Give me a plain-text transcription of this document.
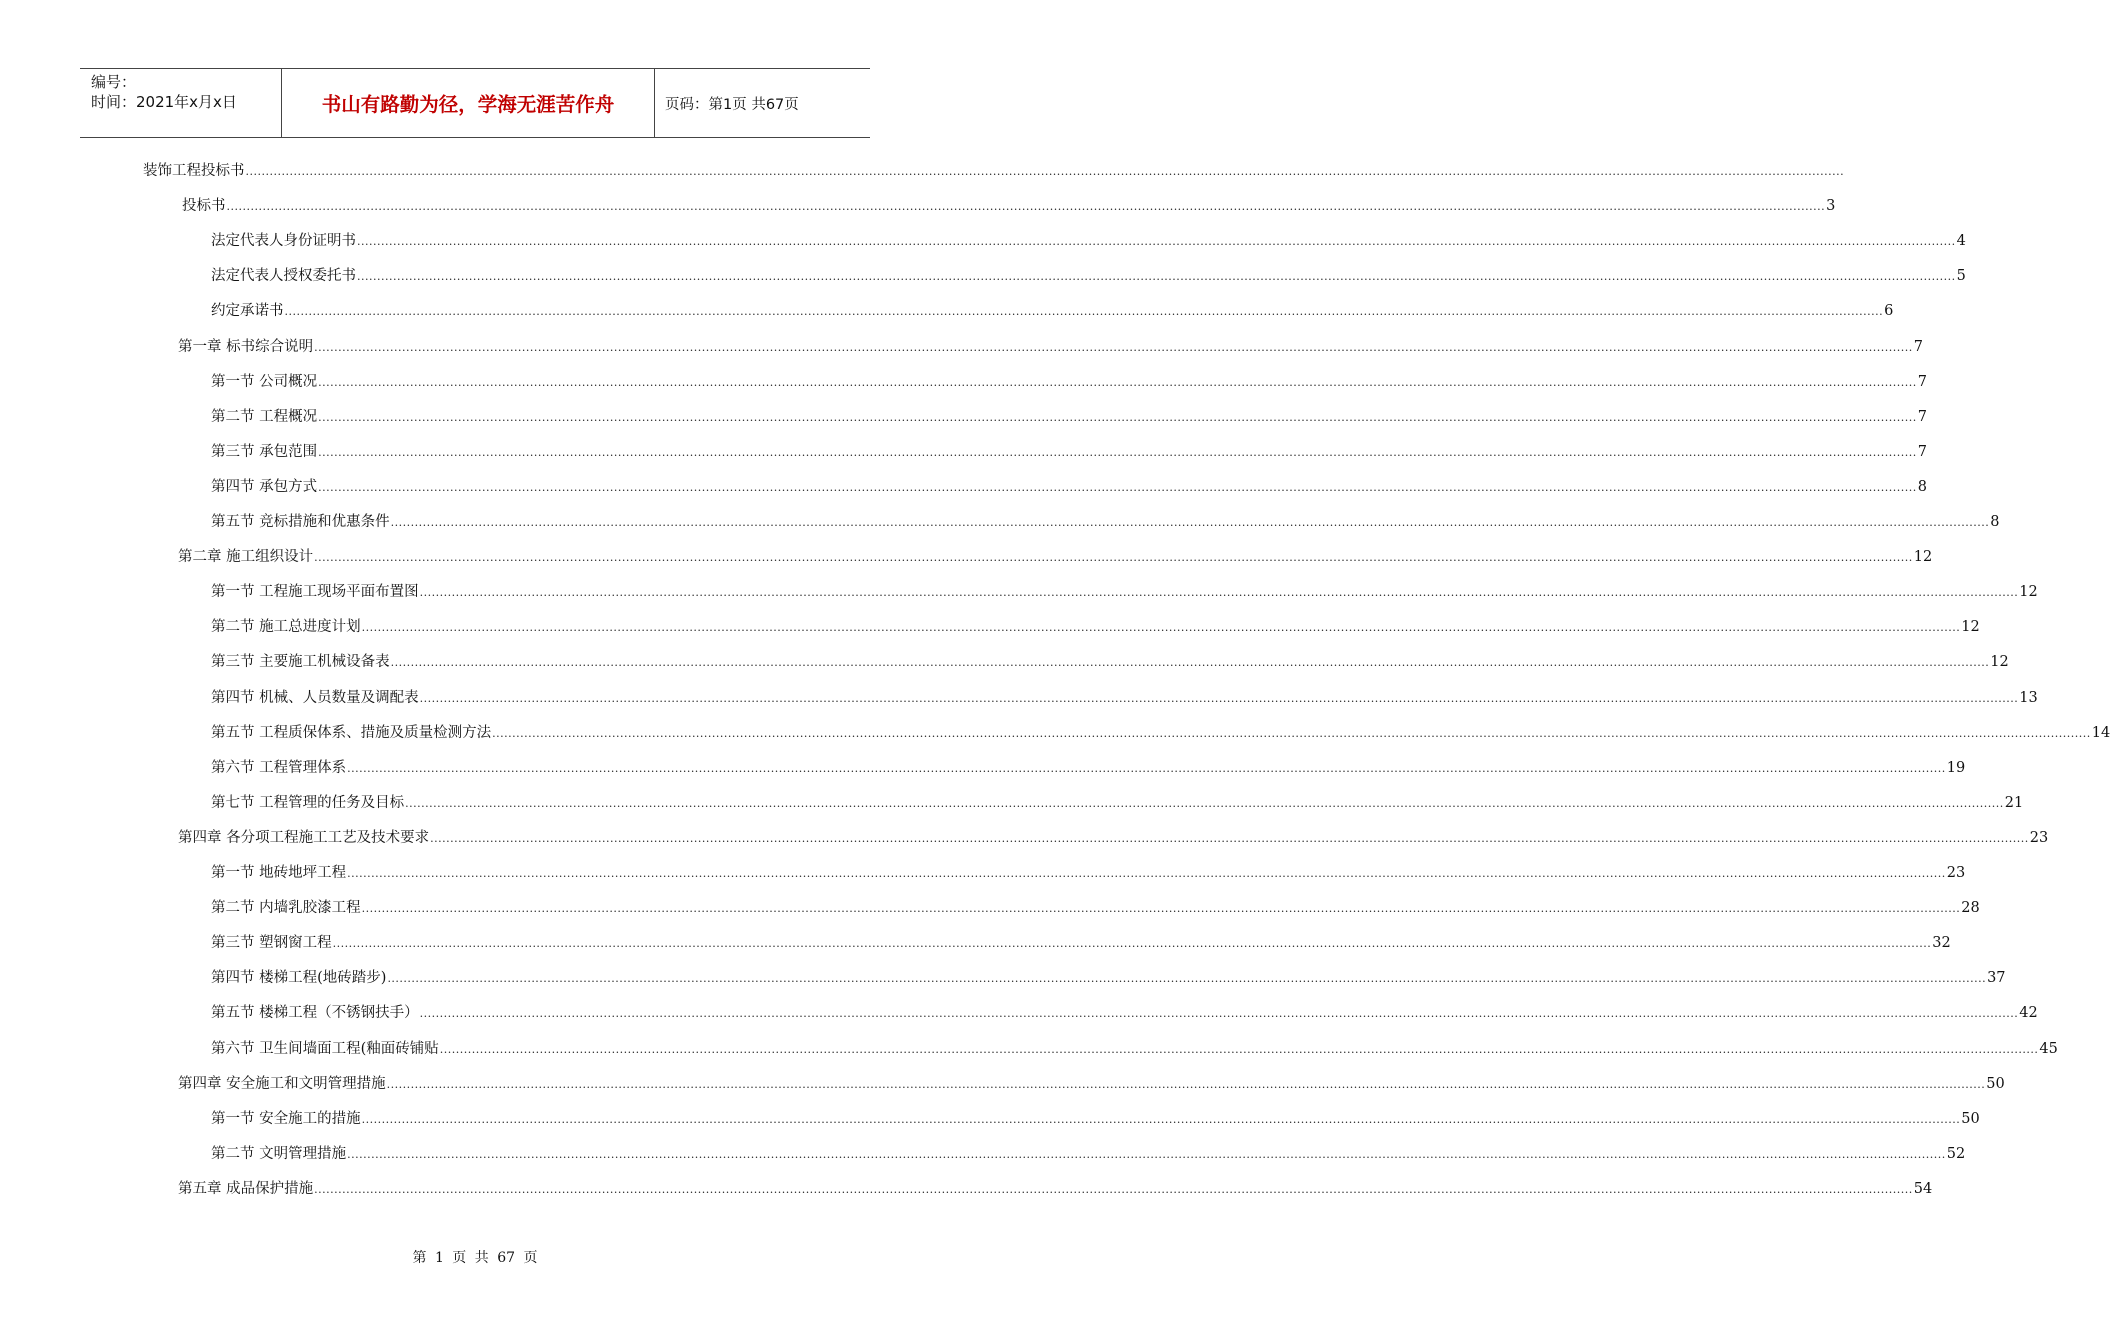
编号：
时间：2021年x月x日	书山有路勤为径，学海无涯苦作舟	页码：第1页 共67页
装饰工程投标书 ................................................................................................................................................................................................................................................................................................................................................................................................................
投标书 ................................................................................................................................................................................................................................................................................................................................................................................................................ 3
法定代表人身份证明书 ................................................................................................................................................................................................................................................................................................................................................................................................................ 4
法定代表人授权委托书 ................................................................................................................................................................................................................................................................................................................................................................................................................ 5
约定承诺书 ................................................................................................................................................................................................................................................................................................................................................................................................................ 6
第一章 标书综合说明 ................................................................................................................................................................................................................................................................................................................................................................................................................ 7
第一节 公司概况 ................................................................................................................................................................................................................................................................................................................................................................................................................ 7
第二节 工程概况 ................................................................................................................................................................................................................................................................................................................................................................................................................ 7
第三节 承包范围 ................................................................................................................................................................................................................................................................................................................................................................................................................ 7
第四节 承包方式 ................................................................................................................................................................................................................................................................................................................................................................................................................ 8
第五节 竞标措施和优惠条件 ................................................................................................................................................................................................................................................................................................................................................................................................................ 8
第二章 施工组织设计 ................................................................................................................................................................................................................................................................................................................................................................................................................ 12
第一节 工程施工现场平面布置图 ................................................................................................................................................................................................................................................................................................................................................................................................................ 12
第二节 施工总进度计划 ................................................................................................................................................................................................................................................................................................................................................................................................................ 12
第三节 主要施工机械设备表 ................................................................................................................................................................................................................................................................................................................................................................................................................ 12
第四节 机械、人员数量及调配表 ................................................................................................................................................................................................................................................................................................................................................................................................................ 13
第五节 工程质保体系、措施及质量检测方法 ................................................................................................................................................................................................................................................................................................................................................................................................................ 14
第六节 工程管理体系 ................................................................................................................................................................................................................................................................................................................................................................................................................ 19
第七节 工程管理的任务及目标 ................................................................................................................................................................................................................................................................................................................................................................................................................ 21
第四章 各分项工程施工工艺及技术要求 ................................................................................................................................................................................................................................................................................................................................................................................................................ 23
第一节 地砖地坪工程 ................................................................................................................................................................................................................................................................................................................................................................................................................ 23
第二节 内墙乳胶漆工程 ................................................................................................................................................................................................................................................................................................................................................................................................................ 28
第三节 塑钢窗工程 ................................................................................................................................................................................................................................................................................................................................................................................................................ 32
第四节 楼梯工程(地砖踏步) ................................................................................................................................................................................................................................................................................................................................................................................................................ 37
第五节 楼梯工程（不锈钢扶手） ................................................................................................................................................................................................................................................................................................................................................................................................................ 42
第六节 卫生间墙面工程(釉面砖铺贴 ................................................................................................................................................................................................................................................................................................................................................................................................................ 45
第四章 安全施工和文明管理措施 ................................................................................................................................................................................................................................................................................................................................................................................................................ 50
第一节 安全施工的措施 ................................................................................................................................................................................................................................................................................................................................................................................................................ 50
第二节 文明管理措施 ................................................................................................................................................................................................................................................................................................................................................................................................................ 52
第五章 成品保护措施 ................................................................................................................................................................................................................................................................................................................................................................................................................ 54
第 1 页 共 67 页
